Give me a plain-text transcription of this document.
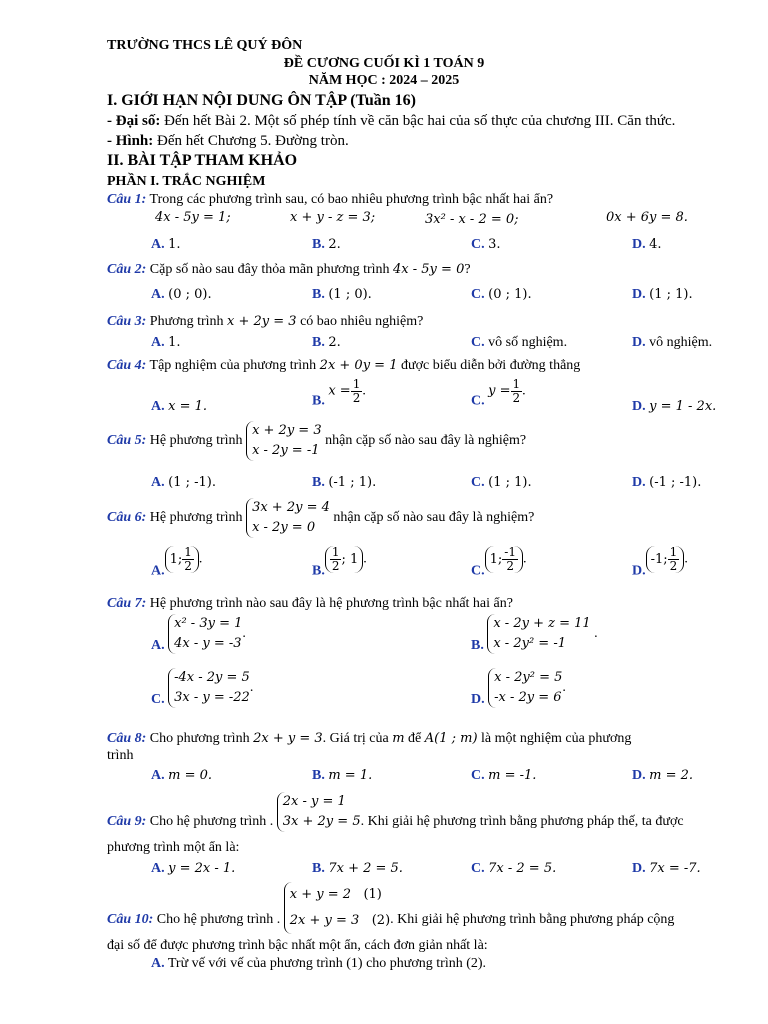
TRƯỜNG THCS LÊ QUÝ ĐÔN
ĐỀ CƯƠNG CUỐI KÌ 1 TOÁN 9
NĂM HỌC : 2024 – 2025
I. GIỚI HẠN NỘI DUNG ÔN TẬP (Tuần 16)
- Đại số: Đến hết Bài 2. Một số phép tính về căn bậc hai của số thực của chương III. Căn thức.
- Hình: Đến hết Chương 5. Đường tròn.
II. BÀI TẬP THAM KHẢO
PHẦN I. TRẮC NGHIỆM
Câu 1: Trong các phương trình sau, có bao nhiêu phương trình bậc nhất hai ẩn?
4x - 5y = 1;	x + y - z = 3;	3x² - x - 2 = 0;	0x + 6y = 8.
A. 1.	B. 2.	C. 3.	D. 4.
Câu 2: Cặp số nào sau đây thỏa mãn phương trình 4x - 5y = 0?
A. (0 ; 0).	B. (1 ; 0).	C. (0 ; 1).	D. (1 ; 1).
Câu 3: Phương trình x + 2y = 3 có bao nhiêu nghiệm?
A. 1.	B. 2.	C. vô số nghiệm.	D. vô nghiệm.
Câu 4: Tập nghiệm của phương trình 2x + 0y = 1 được biểu diễn bởi đường thẳng
A. x = 1.	B. $x = \frac{1}{2}$ .
C. $y = \frac{1}{2}$ .
D. y = 1 - 2x.
Câu 5: Hệ phương trình x + 2y = 3
x - 2y = -1 nhận cặp số nào sau đây là nghiệm?
A. (1 ; -1).	B. (-1 ; 1).	C. (1 ; 1).	D. (-1 ; -1).
Câu 6: Hệ phương trình 3x + 2y = 4
x - 2y = 0 nhận cặp số nào sau đây là nghiệm?
A.1; $\frac{1}{2}$ .
B. $\frac{1}{2}$ ; 1 .
C.1; $\frac{-1}{2}$ .
D.-1; $\frac{1}{2}$ .
Câu 7: Hệ phương trình nào sau đây là hệ phương trình bậc nhất hai ẩn?
A. x² - 3y = 1
4x - y = -3.
B. x - 2y + z = 11
x - 2y² = -1 .
C. -4x - 2y = 5
3x - y = -22.
D. x - 2y² = 5
-x - 2y = 6.
Câu 8: Cho phương trình 2x + y = 3. Giá trị của m để A(1 ; m) là một nghiệm của phương
trình
A. m = 0.	B. m = 1.	C. m = -1.	D. m = 2.
Câu 9: Cho hệ phương trình . 2x - y = 1
3x + 2y = 5. Khi giải hệ phương trình bằng phương pháp thế, ta được
phương trình một ẩn là:
A. y = 2x - 1.	B. 7x + 2 = 5.	C. 7x - 2 = 5.	D. 7x = -7.
Câu 10: Cho hệ phương trình . x + y = 2 (1)
2x + y = 3 (2). Khi giải hệ phương trình bằng phương pháp cộng
đại số để được phương trình bậc nhất một ẩn, cách đơn giản nhất là:
A. Trừ vế với vế của phương trình (1) cho phương trình (2).
